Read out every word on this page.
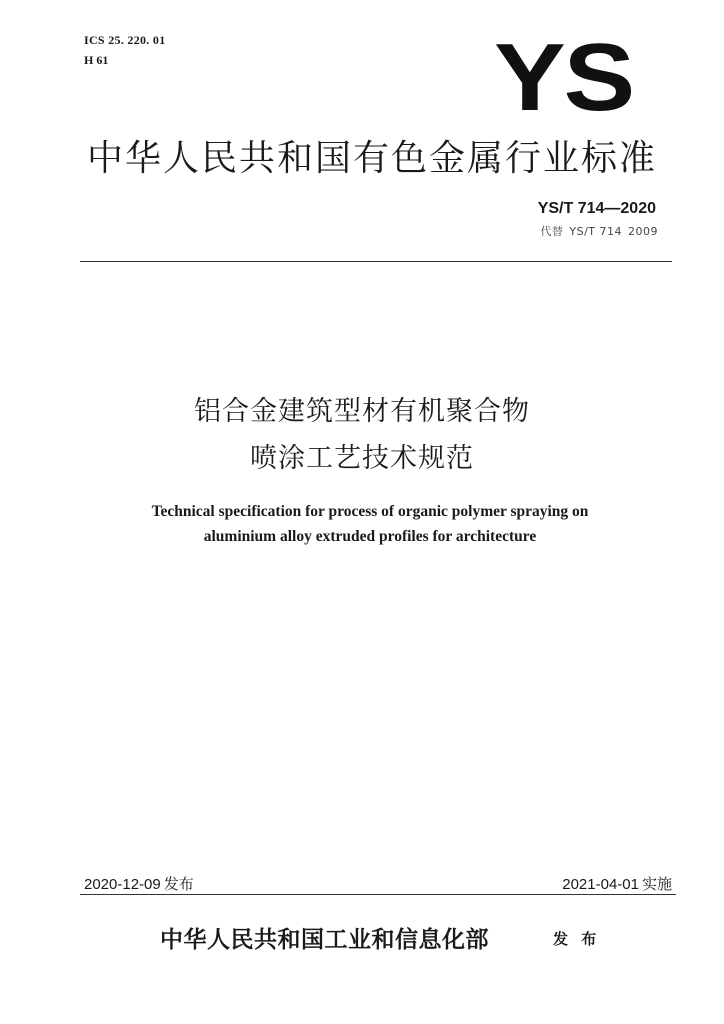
ICS 25. 220. 01
H 61	YS
中华人民共和国有色金属行业标准
YS/T 714—2020
代替 YS/T 714 2009
铝合金建筑型材有机聚合物
喷涂工艺技术规范
Technical specification for process of organic polymer spraying on
aluminium alloy extruded profiles for architecture
2020-12-09 发布	2021-04-01 实施
中华人民共和国工业和信息化部	发 布
